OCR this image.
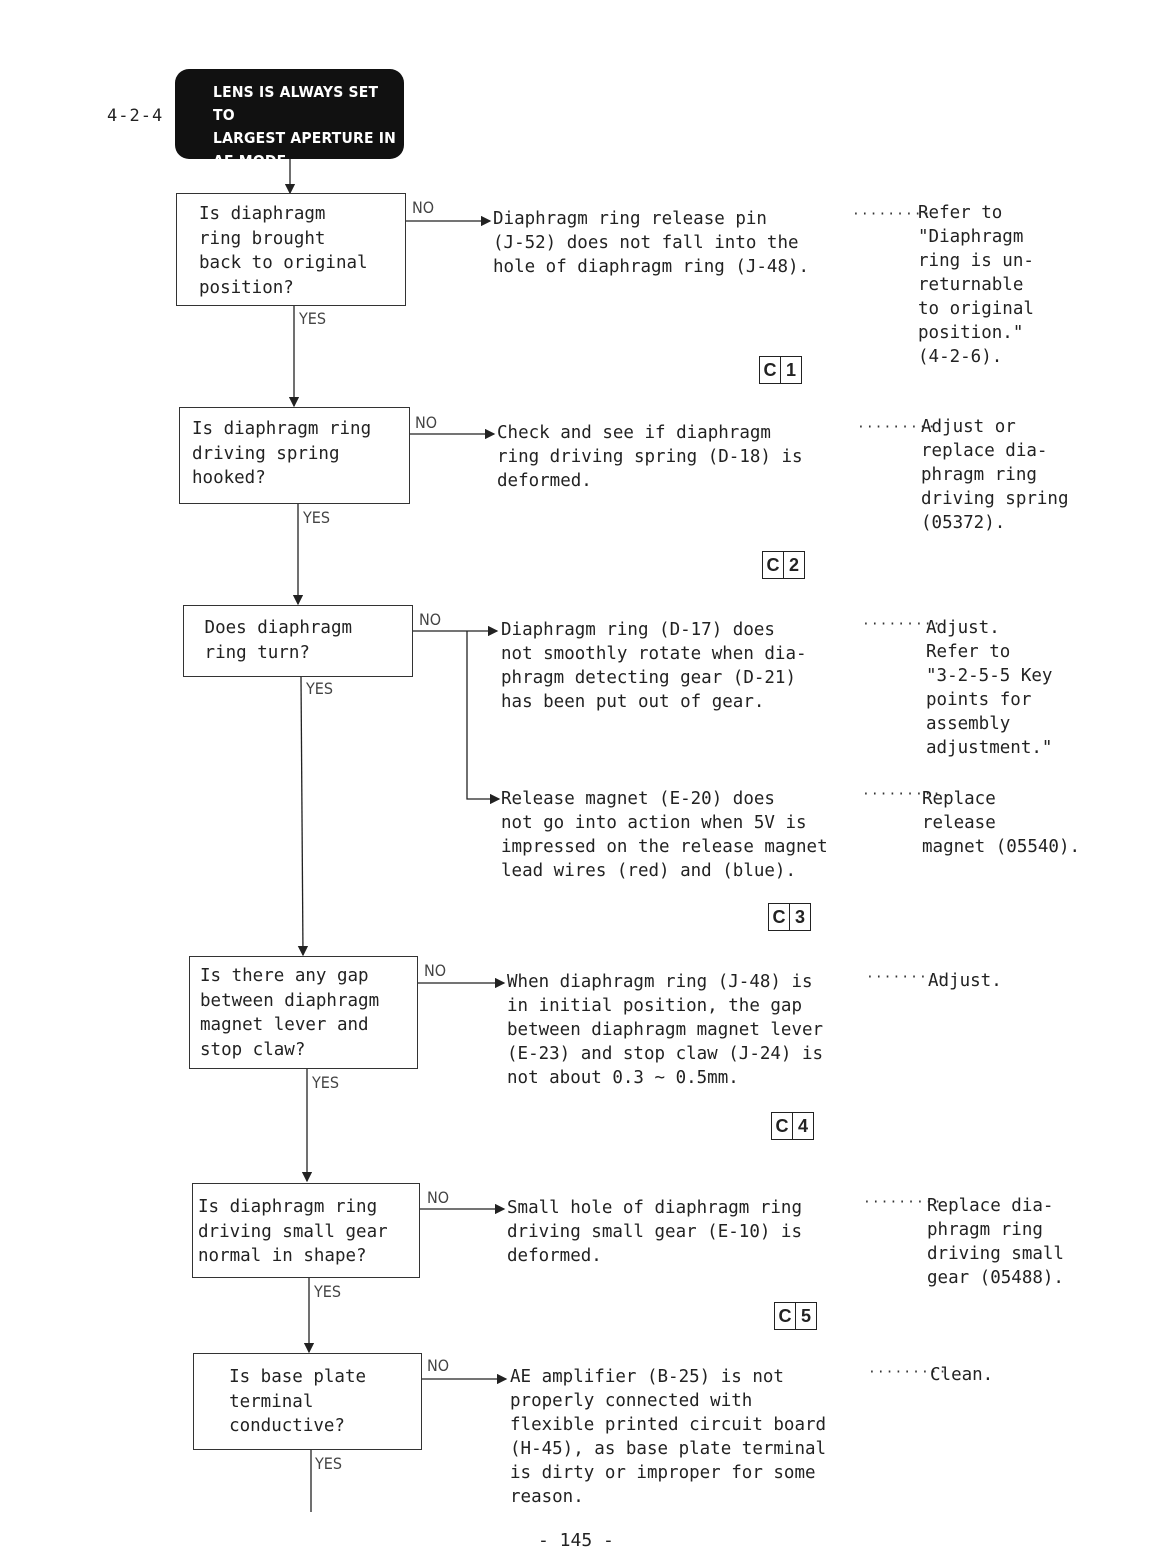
4-2-4
LENS IS ALWAYS SET TO
LARGEST APERTURE IN
AE MODE
Is diaphragm
ring brought
back to original
position?
NO
YES
Diaphragm ring release pin
(J-52) does not fall into the
hole of diaphragm ring (J-48).
·········
Refer to
"Diaphragm
ring is un-
returnable
to original
position."
(4-2-6).
C 1
Is diaphragm ring
driving spring
hooked?
NO
YES
Check and see if diaphragm
ring driving spring (D-18) is
deformed.
·········
Adjust or
replace dia-
phragm ring
driving spring
(05372).
C 2
Does diaphragm
ring turn?
NO
YES
Diaphragm ring (D-17) does
not smoothly rotate when dia-
phragm detecting gear (D-21)
has been put out of gear.
·········
Adjust.
Refer to
"3-2-5-5 Key
points for
assembly
adjustment."
Release magnet (E-20) does
not go into action when 5V is
impressed on the release magnet
lead wires (red) and (blue).
·········
Replace
release
magnet (05540).
C 3
Is there any gap
between diaphragm
magnet lever and
stop claw?
NO
YES
When diaphragm ring (J-48) is
in initial position, the gap
between diaphragm magnet lever
(E-23) and stop claw (J-24) is
not about 0.3 ~ 0.5mm.
·········
Adjust.
C 4
Is diaphragm ring
driving small gear
normal in shape?
NO
YES
Small hole of diaphragm ring
driving small gear (E-10) is
deformed.
·········
Replace dia-
phragm ring
driving small
gear (05488).
C 5
Is base plate
terminal
conductive?
NO
YES
AE amplifier (B-25) is not
properly connected with
flexible printed circuit board
(H-45), as base plate terminal
is dirty or improper for some
reason.
·········
Clean.
- 145 -
